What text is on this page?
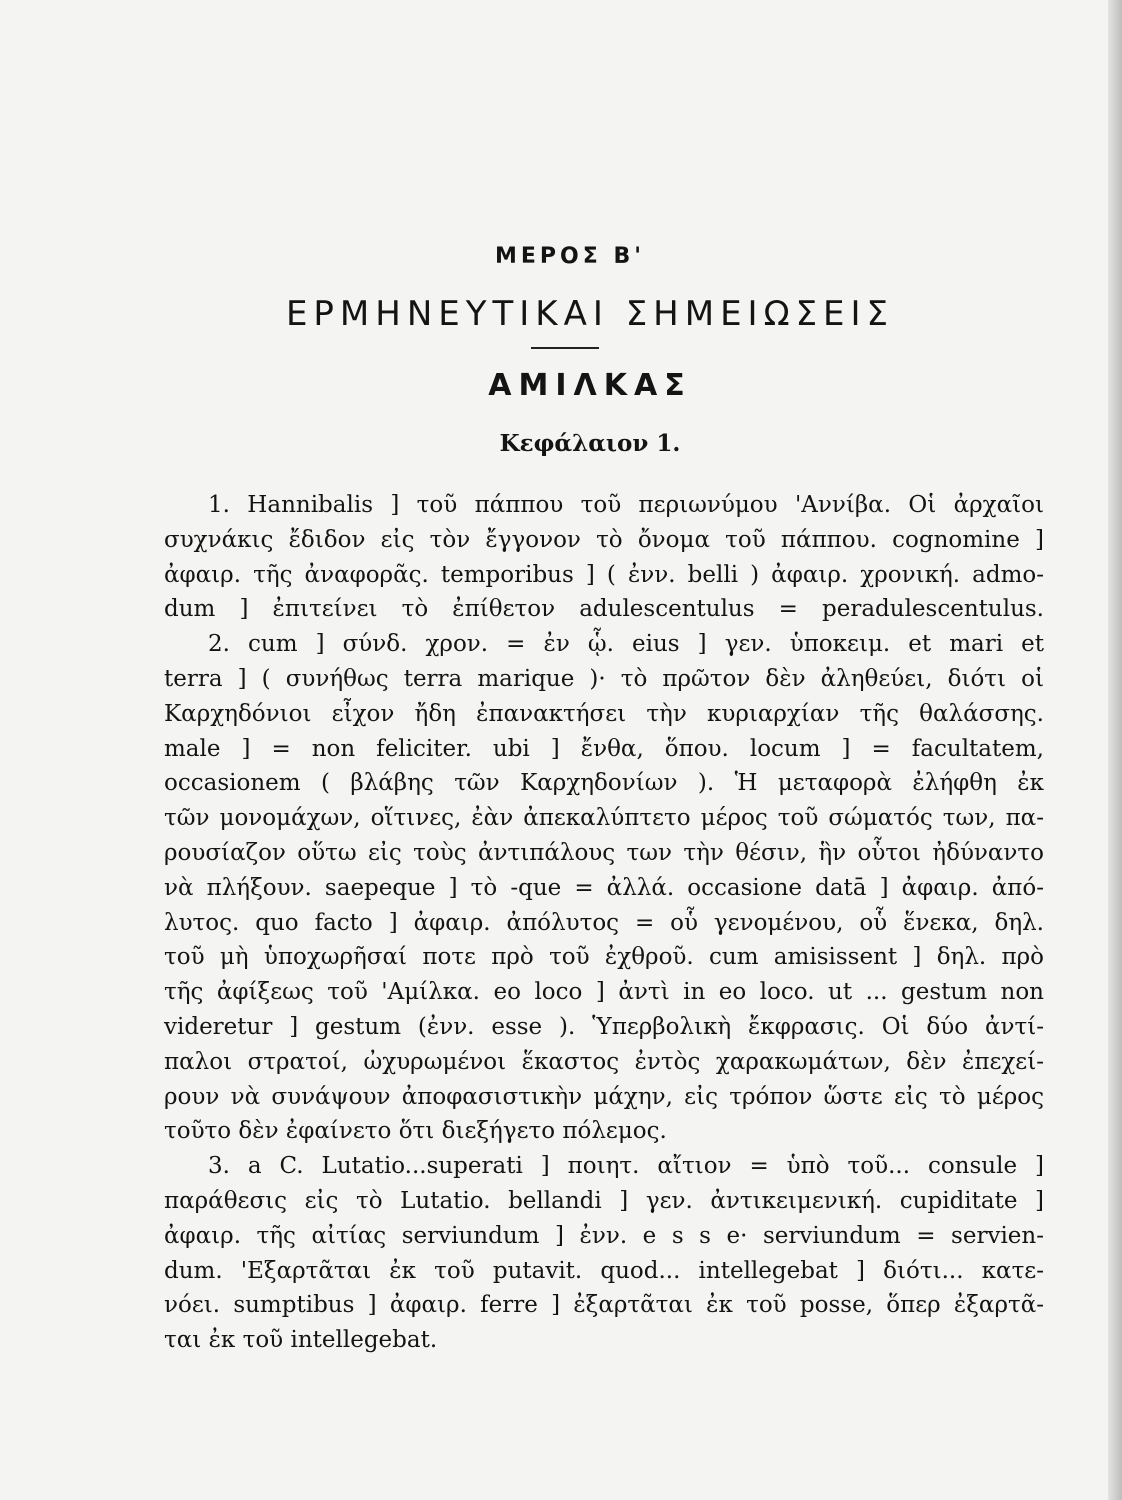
ΜΕΡΟΣ Β'
ΕΡΜΗΝΕΥΤΙΚΑΙ ΣΗΜΕΙΩΣΕΙΣ
ΑΜΙΛΚΑΣ
Κεφάλαιον 1.
1. Hannibalis ] τοῦ πάππου τοῦ περιωνύμου 'Αννίβα. Οἱ ἀρχαῖοι
συχνάκις ἔδιδον εἰς τὸν ἔγγονον τὸ ὄνομα τοῦ πάππου. cognomine ]
ἀφαιρ. τῆς ἀναφορᾶς. temporibus ] ( ἐνν. belli ) ἀφαιρ. χρονική. admo-
dum ] ἐπιτείνει τὸ ἐπίθετον adulescentulus = peradulescentulus.
2. cum ] σύνδ. χρον. = ἐν ᾧ. eius ] γεν. ὑποκειμ. et mari et
terra ] ( συνήθως terra marique )· τὸ πρῶτον δὲν ἀληθεύει, διότι οἱ
Καρχηδόνιοι εἶχον ἤδη ἐπανακτήσει τὴν κυριαρχίαν τῆς θαλάσσης.
male ] = non feliciter. ubi ] ἔνθα, ὅπου. locum ] = facultatem,
occasionem ( βλάβης τῶν Καρχηδονίων ). Ἡ μεταφορὰ ἐλήφθη ἐκ
τῶν μονομάχων, οἵτινες, ἐὰν ἀπεκαλύπτετο μέρος τοῦ σώματός των, πα-
ρουσίαζον οὕτω εἰς τοὺς ἀντιπάλους των τὴν θέσιν, ἣν οὗτοι ἠδύναντο
νὰ πλήξουν. saepeque ] τὸ -que = ἀλλά. occasione datā ] ἀφαιρ. ἀπό-
λυτος. quo facto ] ἀφαιρ. ἀπόλυτος = οὗ γενομένου, οὗ ἕνεκα, δηλ.
τοῦ μὴ ὑποχωρῆσαί ποτε πρὸ τοῦ ἐχθροῦ. cum amisissent ] δηλ. πρὸ
τῆς ἀφίξεως τοῦ 'Αμίλκα. eo loco ] ἀντὶ in eo loco. ut ... gestum non
videretur ] gestum (ἐνν. esse ). Ὑπερβολικὴ ἔκφρασις. Οἱ δύο ἀντί-
παλοι στρατοί, ὠχυρωμένοι ἕκαστος ἐντὸς χαρακωμάτων, δὲν ἐπεχεί-
ρουν νὰ συνάψουν ἀποφασιστικὴν μάχην, εἰς τρόπον ὥστε εἰς τὸ μέρος
τοῦτο δὲν ἐφαίνετο ὅτι διεξήγετο πόλεμος.
3. a C. Lutatio...superati ] ποιητ. αἴτιον = ὑπὸ τοῦ... consule ]
παράθεσις εἰς τὸ Lutatio. bellandi ] γεν. ἀντικειμενική. cupiditate ]
ἀφαιρ. τῆς αἰτίας serviundum ] ἐνν. e s s e· serviundum = servien-
dum. 'Εξαρτᾶται ἐκ τοῦ putavit. quod... intellegebat ] διότι... κατε-
νόει. sumptibus ] ἀφαιρ. ferre ] ἐξαρτᾶται ἐκ τοῦ posse, ὅπερ ἐξαρτᾶ-
ται ἐκ τοῦ intellegebat.
